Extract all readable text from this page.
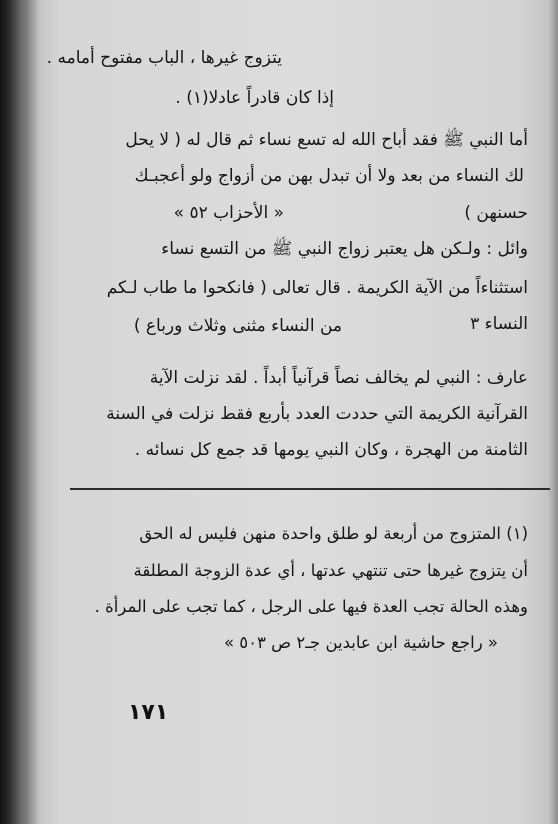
يتزوج غيرها ، الباب مفتوح أمامه .
إذا كان قادراً عادلا(١) .
أما النبي ﷺ فقد أباح الله له تسع نساء ثم قال له ( لا يحل
لك النساء من بعد ولا أن تبدل بهن من أزواج ولو أعجبـك
حسنهن )
« الأحزاب ٥٢ »
وائل : ولـكن هل يعتبر زواج النبي ﷺ من التسع نساء
استثناءاً من الآية الكريمة . قال تعالى ( فانكحوا ما طاب لـكم
من النساء مثنى وثلاث ورباع )	النساء ٣
عارف : النبي لم يخالف نصاً قرآنياً أبداً . لقد نزلت الآية
القرآنية الكريمة التي حددت العدد بأربع فقط نزلت في السنة
الثامنة من الهجرة ، وكان النبي يومها قد جمع كل نسائه .
(١) المتزوج من أربعة لو طلق واحدة منهن فليس له الحق
أن يتزوج غيرها حتى تنتهي عدتها ، أي عدة الزوجة المطلقة
وهذه الحالة تجب العدة فيها على الرجل ، كما تجب على المرأة .
« راجع حاشية ابن عابدين جـ٢ ص ٥٠٣ »
١٧١
